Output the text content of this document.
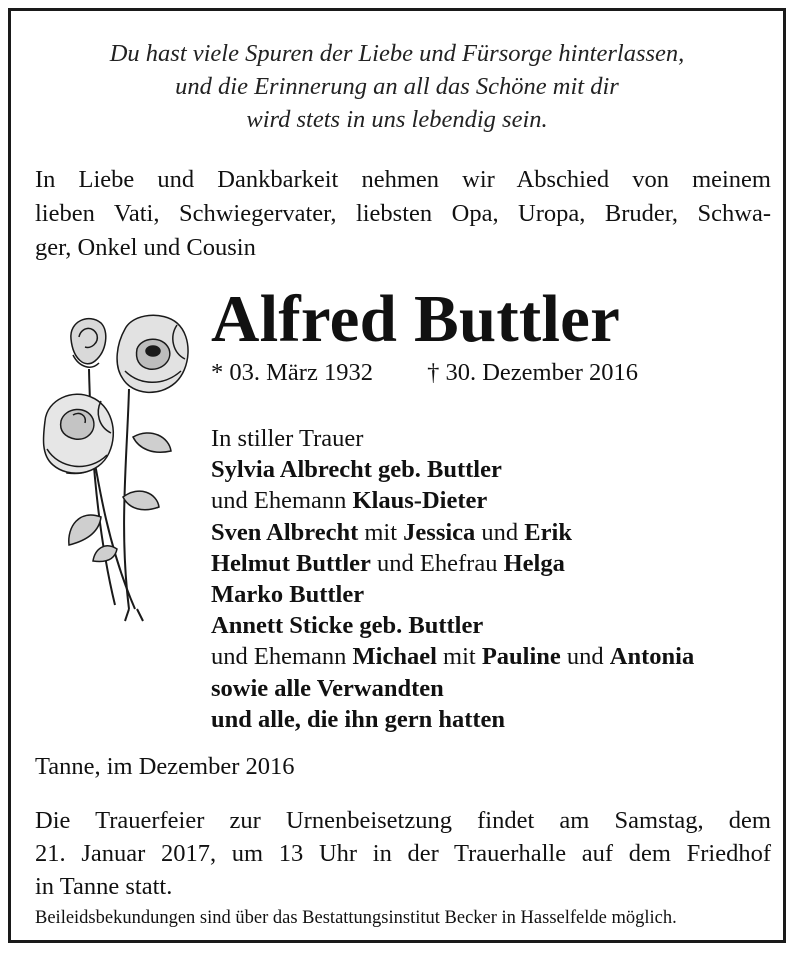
Du hast viele Spuren der Liebe und Fürsorge hinterlassen,
und die Erinnerung an all das Schöne mit dir
wird stets in uns lebendig sein.
In Liebe und Dankbarkeit nehmen wir Abschied von meinem
lieben Vati, Schwiegervater, liebsten Opa, Uropa, Bruder, Schwa-
ger, Onkel und Cousin
Alfred Buttler
* 03. März 1932 † 30. Dezember 2016
In stiller Trauer
Sylvia Albrecht geb. Buttler
und Ehemann Klaus-Dieter
Sven Albrecht mit Jessica und Erik
Helmut Buttler und Ehefrau Helga
Marko Buttler
Annett Sticke geb. Buttler
und Ehemann Michael mit Pauline und Antonia
sowie alle Verwandten
und alle, die ihn gern hatten
Tanne, im Dezember 2016
Die Trauerfeier zur Urnenbeisetzung findet am Samstag, dem
21. Januar 2017, um 13 Uhr in der Trauerhalle auf dem Friedhof
in Tanne statt.
Beileidsbekundungen sind über das Bestattungsinstitut Becker in Hasselfelde möglich.
